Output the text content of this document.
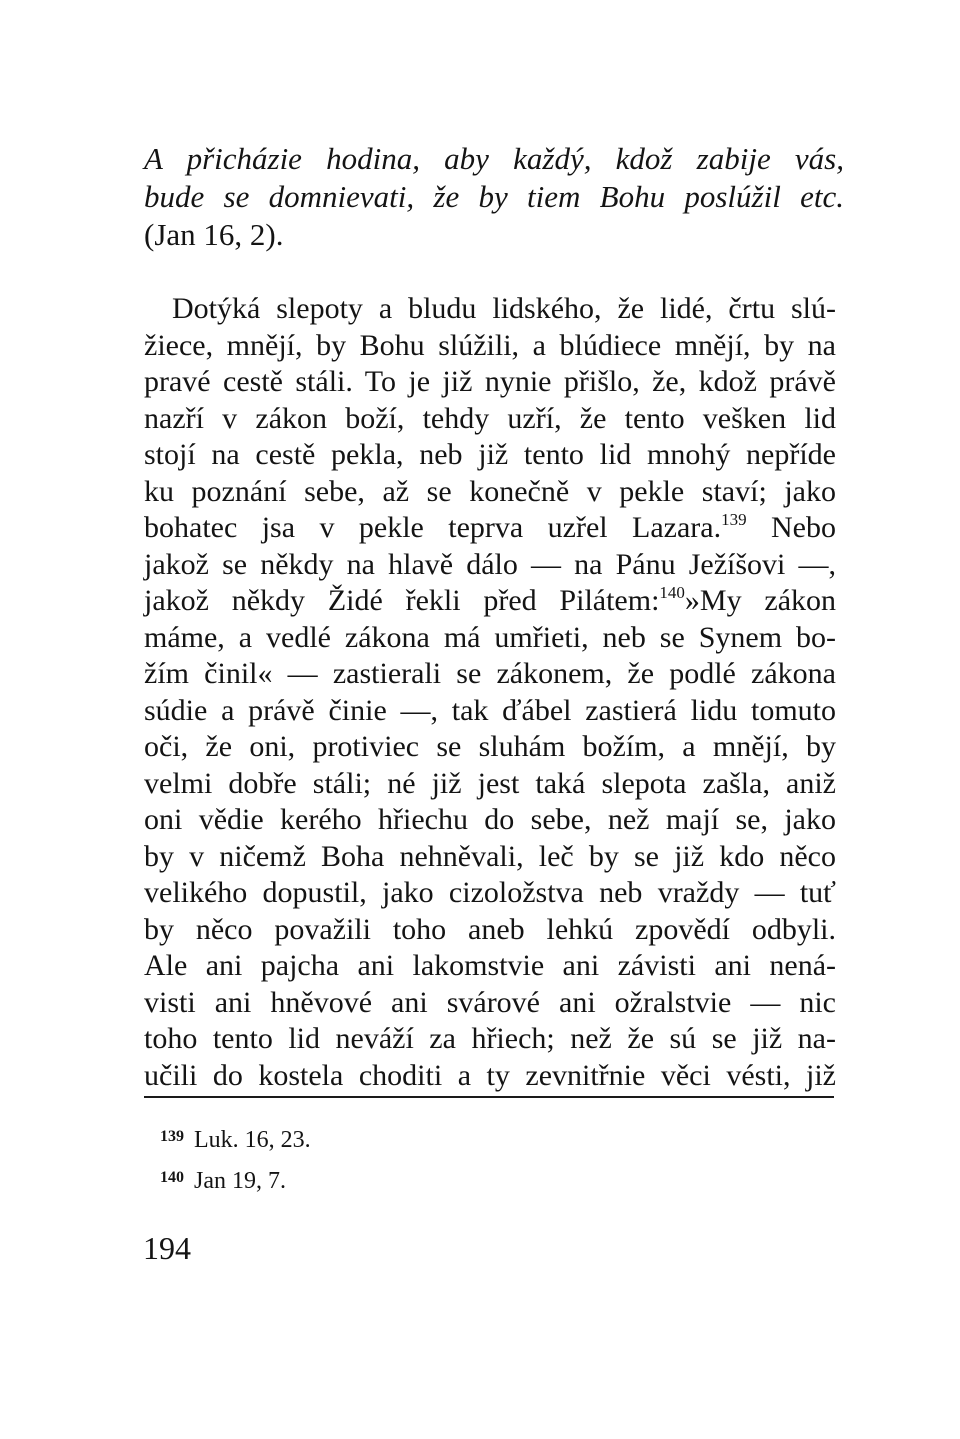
A přicházie hodina, aby každý, kdož zabije vás,
bude se domnievati, že by tiem Bohu poslúžil etc.
(Jan 16, 2).
Dotýká slepoty a bludu lidského, že lidé, črtu slú-
žiece, mnějí, by Bohu slúžili, a blúdiece mnějí, by na
pravé cestě stáli. To je již nynie přišlo, že, kdož právě
nazří v zákon boží, tehdy uzří, že tento vešken lid
stojí na cestě pekla, neb již tento lid mnohý nepříde
ku poznání sebe, až se konečně v pekle staví; jako
bohatec jsa v pekle teprva uzřel Lazara.$^{139}$ Nebo
jakož se někdy na hlavě dálo — na Pánu Ježíšovi —,
jakož někdy Židé řekli před Pilátem:$^{140}$»My zákon
máme, a vedlé zákona má umřieti, neb se Synem bo-
žím činil« — zastierali se zákonem, že podlé zákona
súdie a právě činie —, tak ďábel zastierá lidu tomuto
oči, že oni, protiviec se sluhám božím, a mnějí, by
velmi dobře stáli; né již jest taká slepota zašla, aniž
oni vědie kerého hřiechu do sebe, než mají se, jako
by v ničemž Boha nehněvali, leč by se již kdo něco
velikého dopustil, jako cizoložstva neb vraždy — tuť
by něco považili toho aneb lehkú zpovědí odbyli.
Ale ani pajcha ani lakomstvie ani závisti ani nená-
visti ani hněvové ani svárové ani ožralstvie — nic
toho tento lid neváží za hřiech; než že sú se již na-
učili do kostela choditi a ty zevnitřnie věci vésti, již
$^{139}$ Luk. 16, 23.
$^{140}$ Jan 19, 7.
194
